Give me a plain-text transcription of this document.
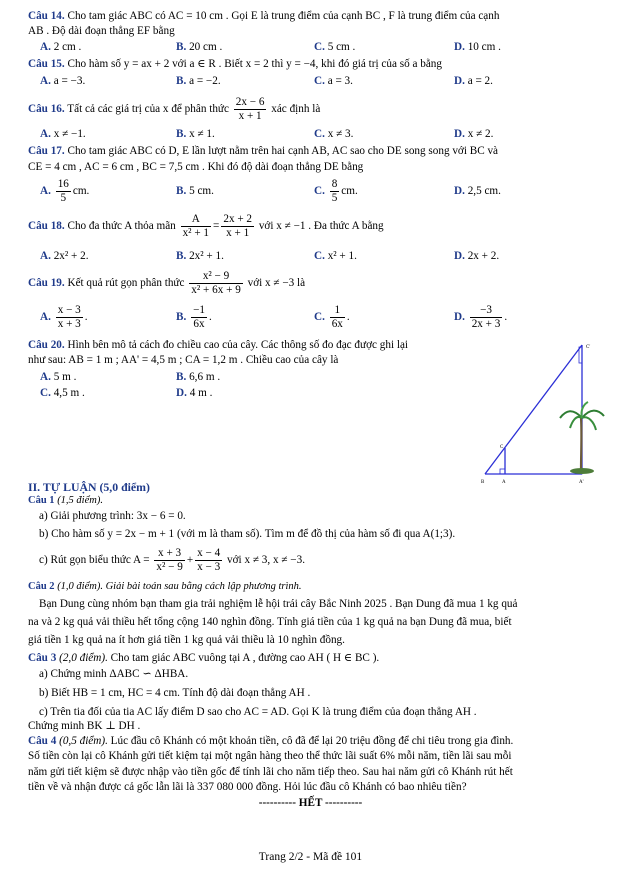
Câu 14. Cho tam giác ABC có AC = 10 cm . Gọi E là trung điểm của cạnh BC , F là trung điểm của cạnh
AB . Độ dài đoạn thẳng EF bằng
A. 2 cm .	B. 20 cm .	C. 5 cm .	D. 10 cm .
Câu 15. Cho hàm số y = ax + 2 với a ∈ R . Biết x = 2 thì y = −4, khi đó giá trị của số a bằng
A. a = −3.	B. a = −2.	C. a = 3.	D. a = 2.
Câu 16. Tất cả các giá trị của x để phân thức $\frac{2x - 6}{x + 1}$ xác định là
A. x ≠ −1.	B. x ≠ 1.	C. x ≠ 3.	D. x ≠ 2.
Câu 17. Cho tam giác ABC có D, E lần lượt nằm trên hai cạnh AB, AC sao cho DE song song với BC và
CE = 4 cm , AC = 6 cm , BC = 7,5 cm . Khi đó độ dài đoạn thẳng DE bằng
A. $\frac{16}{5}$ cm.	B. 5 cm.	C. $\frac{8}{5}$ cm.	D. 2,5 cm.
Câu 18. Cho đa thức A thỏa mãn $\frac{A}{\text{x² + 1}} = \frac{2x + 2}{x + 1}$ với x ≠ −1 . Đa thức A bằng
A. 2x² + 2.	B. 2x² + 1.	C. x² + 1.	D. 2x + 2.
Câu 19. Kết quả rút gọn phân thức $\frac{\text{x² − 9}}{\text{x² + 6x + 9}}$ với x ≠ −3 là
A. $\frac{x - 3}{x + 3}$ .	B. $\frac{-1}{6x}$ .	C. $\frac{1}{6x}$ .	D. $\frac{-3}{2x + 3}$ .
Câu 20. Hình bên mô tả cách đo chiều cao của cây. Các thông số đo đạc được ghi lại
như sau: AB = 1 m ; AA' = 4,5 m ; CA = 1,2 m . Chiều cao của cây là
A. 5 m .	B. 6,6 m .
C. 4,5 m .	D. 4 m .
C'
C
B	A	A'
II. TỰ LUẬN (5,0 điểm)
Câu 1 (1,5 điểm).
a) Giải phương trình: 3x − 6 = 0.
b) Cho hàm số y = 2x − m + 1 (với m là tham số). Tìm m để đồ thị của hàm số đi qua A(1;3).
c) Rút gọn biểu thức $A = \frac{x + 3}{\text{x² − 9}} + \frac{x - 4}{x - 3}$ với x ≠ 3, x ≠ −3.
Câu 2 (1,0 điểm). Giải bài toán sau bằng cách lập phương trình.
Bạn Dung cùng nhóm bạn tham gia trải nghiệm lễ hội trái cây Bắc Ninh 2025 . Bạn Dung đã mua 1 kg quả
na và 2 kg quả vải thiều hết tổng cộng 140 nghìn đồng. Tính giá tiền của 1 kg quả na bạn Dung đã mua, biết
giá tiền 1 kg quả na ít hơn giá tiền 1 kg quả vải thiều là 10 nghìn đồng.
Câu 3 (2,0 điểm). Cho tam giác ABC vuông tại A , đường cao AH ( H ∈ BC ).
a) Chứng minh ΔABC ∽ ΔHBA.
b) Biết HB = 1 cm, HC = 4 cm. Tính độ dài đoạn thẳng AH .
c) Trên tia đối của tia AC lấy điểm D sao cho AC = AD. Gọi K là trung điểm của đoạn thẳng AH .
Chứng minh BK ⊥ DH .
Câu 4 (0,5 điểm). Lúc đầu cô Khánh có một khoản tiền, cô đã để lại 20 triệu đồng để chi tiêu trong gia đình.
Số tiền còn lại cô Khánh gửi tiết kiệm tại một ngân hàng theo thể thức lãi suất 6% mỗi năm, tiền lãi sau mỗi
năm gửi tiết kiệm sẽ được nhập vào tiền gốc để tính lãi cho năm tiếp theo. Sau hai năm gửi cô Khánh rút hết
tiền về và nhận được cả gốc lẫn lãi là 337 080 000 đồng. Hỏi lúc đầu cô Khánh có bao nhiêu tiền?
---------- HẾT ----------
Trang 2/2 - Mã đề 101
